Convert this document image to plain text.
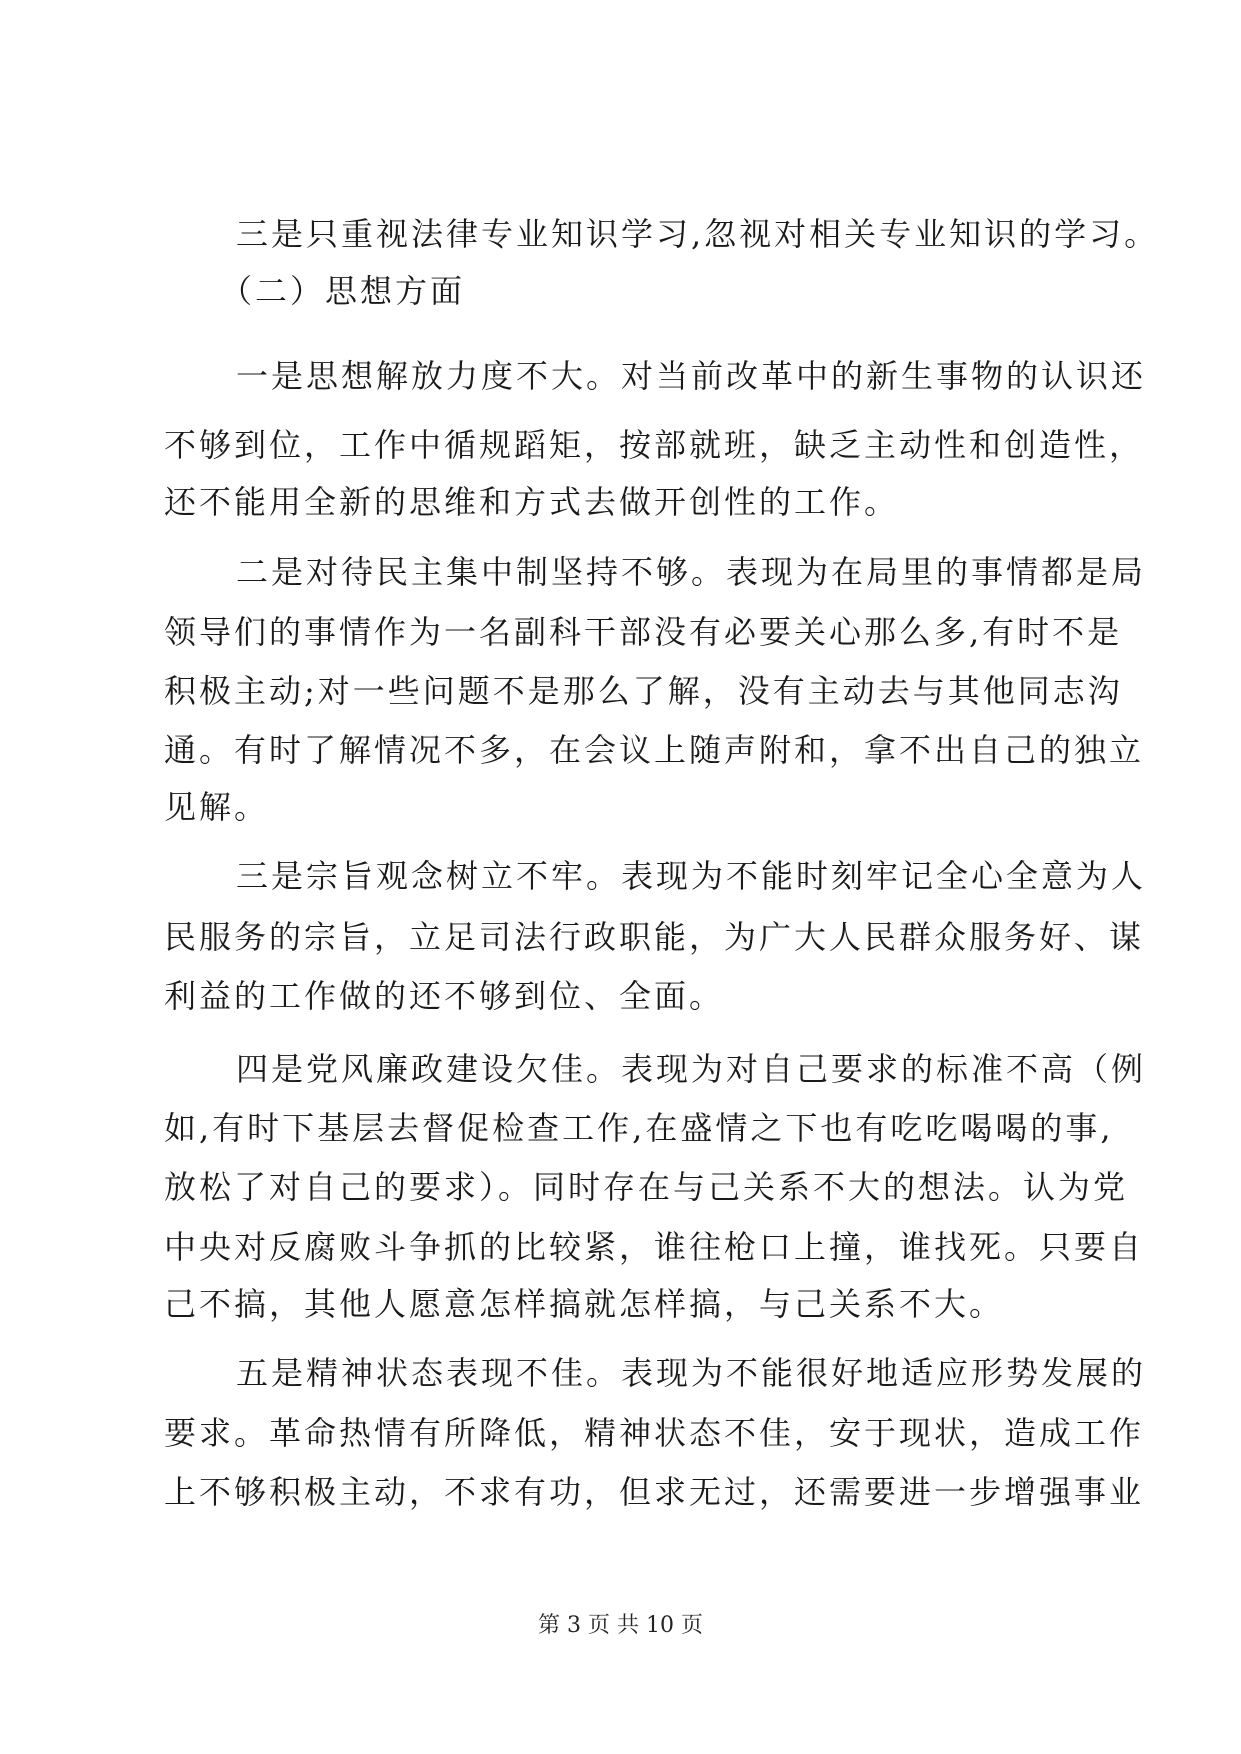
三是只重视法律专业知识学习,忽视对相关专业知识的学习。
（二）思想方面
一是思想解放力度不大。对当前改革中的新生事物的认识还
不够到位，工作中循规蹈矩，按部就班，缺乏主动性和创造性，
还不能用全新的思维和方式去做开创性的工作。
二是对待民主集中制坚持不够。表现为在局里的事情都是局
领导们的事情作为一名副科干部没有必要关心那么多,有时不是
积极主动;对一些问题不是那么了解，没有主动去与其他同志沟
通。有时了解情况不多，在会议上随声附和，拿不出自己的独立
见解。
三是宗旨观念树立不牢。表现为不能时刻牢记全心全意为人
民服务的宗旨，立足司法行政职能，为广大人民群众服务好、谋
利益的工作做的还不够到位、全面。
四是党风廉政建设欠佳。表现为对自己要求的标准不高（例
如,有时下基层去督促检查工作,在盛情之下也有吃吃喝喝的事,
放松了对自己的要求）。同时存在与己关系不大的想法。认为党
中央对反腐败斗争抓的比较紧，谁往枪口上撞，谁找死。只要自
己不搞，其他人愿意怎样搞就怎样搞，与己关系不大。
五是精神状态表现不佳。表现为不能很好地适应形势发展的
要求。革命热情有所降低，精神状态不佳，安于现状，造成工作
上不够积极主动，不求有功，但求无过，还需要进一步增强事业
第 3 页 共 10 页
